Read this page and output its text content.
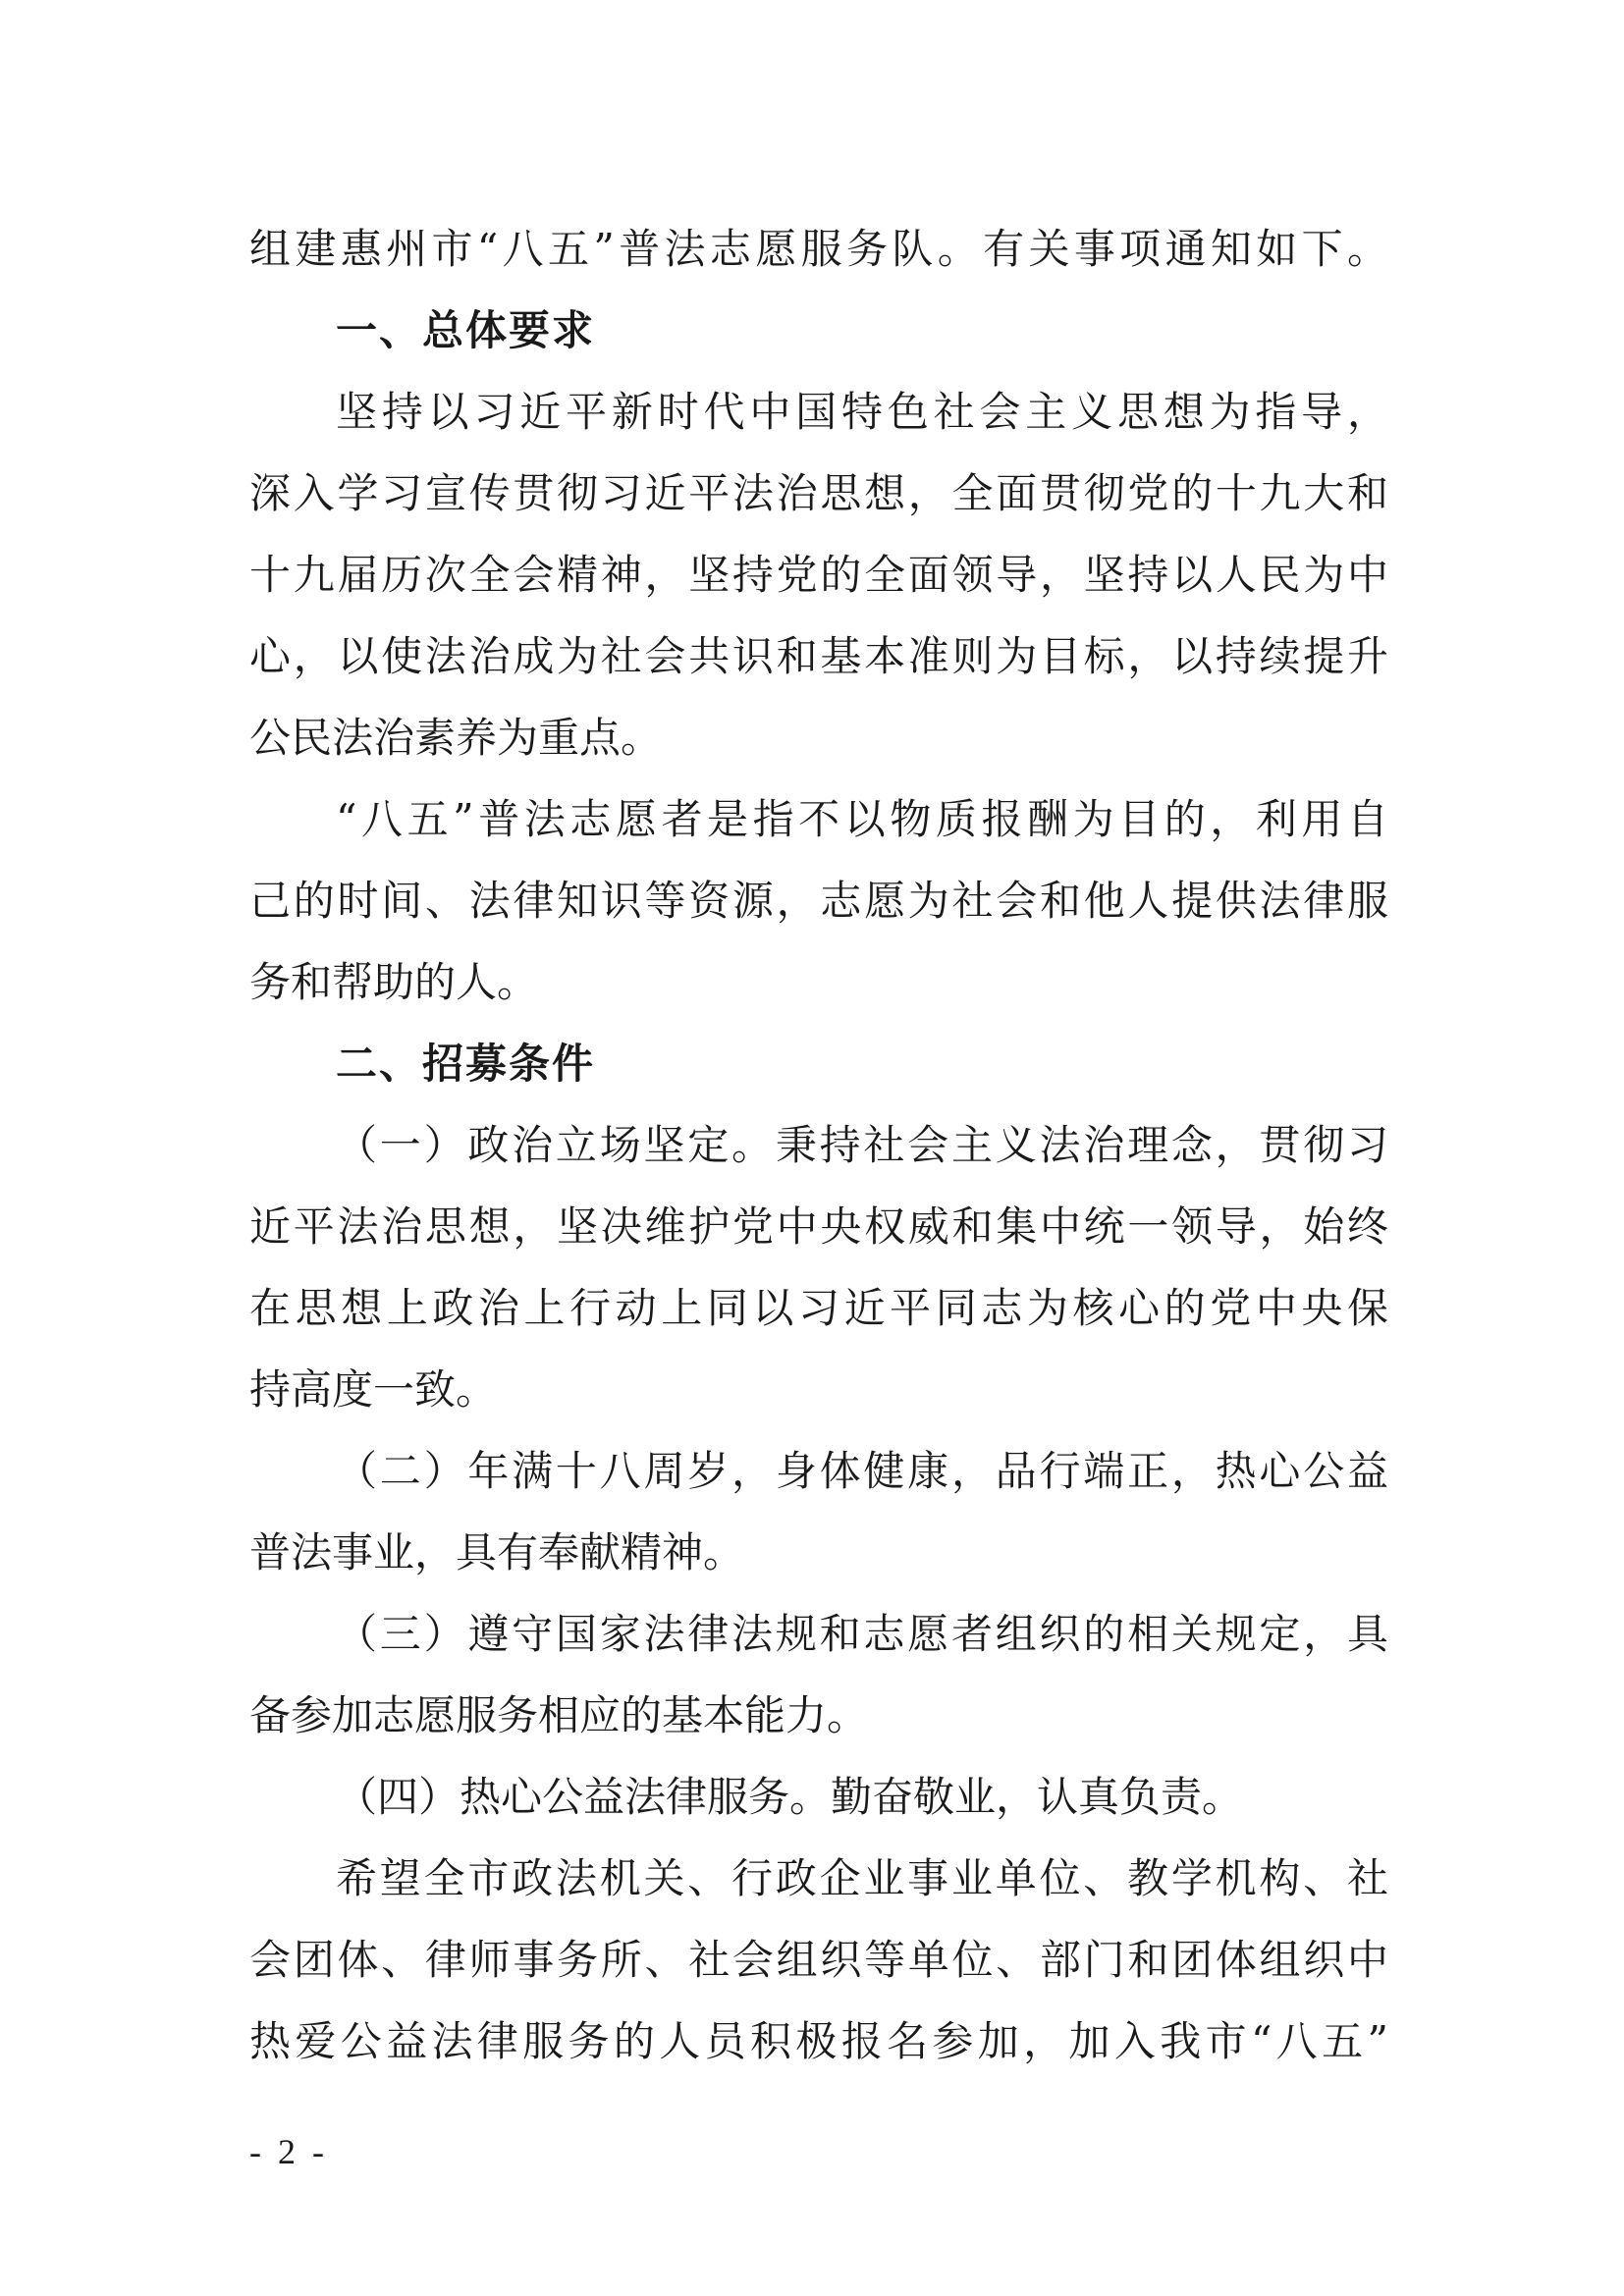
组建惠州市“八五”普法志愿服务队。有关事项通知如下。
一、总体要求
坚持以习近平新时代中国特色社会主义思想为指导，
深入学习宣传贯彻习近平法治思想，全面贯彻党的十九大和
十九届历次全会精神，坚持党的全面领导，坚持以人民为中
心，以使法治成为社会共识和基本准则为目标，以持续提升
公民法治素养为重点。
“八五”普法志愿者是指不以物质报酬为目的，利用自
己的时间、法律知识等资源，志愿为社会和他人提供法律服
务和帮助的人。
二、招募条件
（一）政治立场坚定。秉持社会主义法治理念，贯彻习
近平法治思想，坚决维护党中央权威和集中统一领导，始终
在思想上政治上行动上同以习近平同志为核心的党中央保
持高度一致。
（二）年满十八周岁，身体健康，品行端正，热心公益
普法事业，具有奉献精神。
（三）遵守国家法律法规和志愿者组织的相关规定，具
备参加志愿服务相应的基本能力。
（四）热心公益法律服务。勤奋敬业，认真负责。
希望全市政法机关、行政企业事业单位、教学机构、社
会团体、律师事务所、社会组织等单位、部门和团体组织中
热爱公益法律服务的人员积极报名参加，加入我市“八五”
- 2 -
